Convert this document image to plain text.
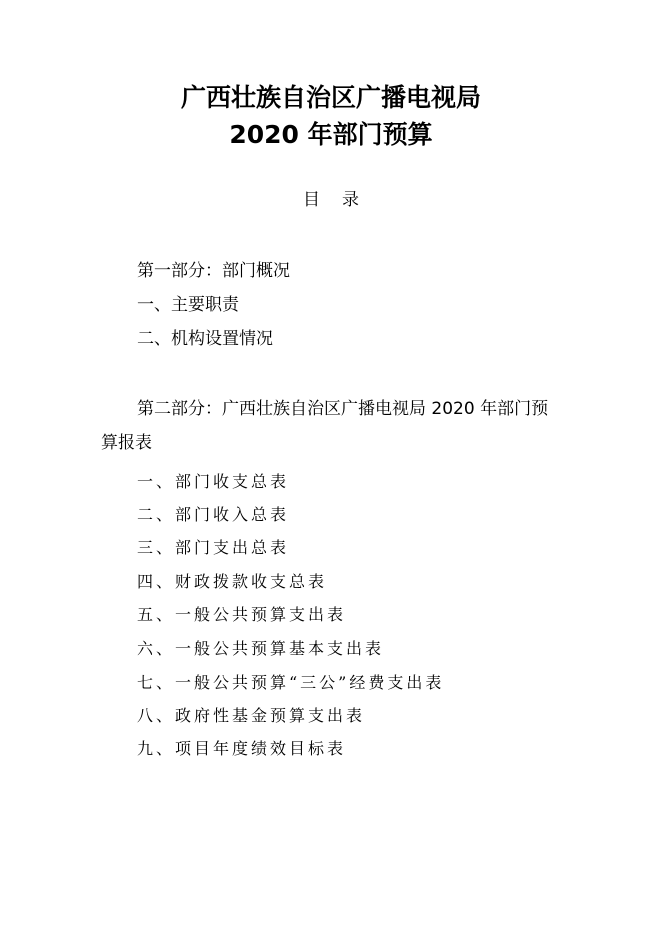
广西壮族自治区广播电视局
2020 年部门预算
目录
第一部分：部门概况
一、主要职责
二、机构设置情况
第二部分：广西壮族自治区广播电视局 2020 年部门预
算报表
一、部门收支总表
二、部门收入总表
三、部门支出总表
四、财政拨款收支总表
五、一般公共预算支出表
六、一般公共预算基本支出表
七、一般公共预算“三公”经费支出表
八、政府性基金预算支出表
九、项目年度绩效目标表
